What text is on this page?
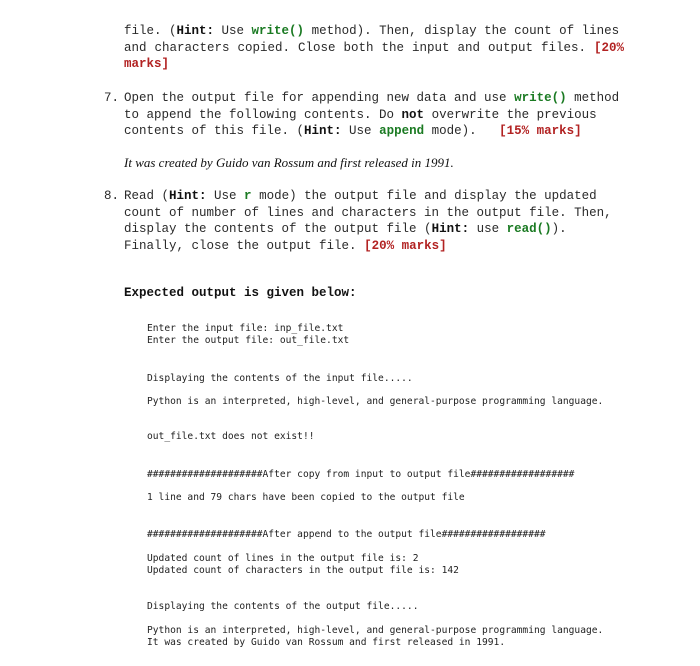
file. (Hint: Use write() method). Then, display the count of lines
and characters copied. Close both the input and output files. [20% marks]
7. Open the output file for appending new data and use write() method
to append the following contents. Do not overwrite the previous
contents of this file. (Hint: Use append mode). [15% marks]
It was created by Guido van Rossum and first released in 1991.
8. Read (Hint: Use r mode) the output file and display the updated
count of number of lines and characters in the output file. Then,
display the contents of the output file (Hint: use read()).
Finally, close the output file. [20% marks]
Expected output is given below:
Enter the input file: inp_file.txt
Enter the output file: out_file.txt
Displaying the contents of the input file.....
Python is an interpreted, high-level, and general-purpose programming language.
out_file.txt does not exist!!
####################After copy from input to output file##################
1 line and 79 chars have been copied to the output file
####################After append to the output file##################
Updated count of lines in the output file is: 2
Updated count of characters in the output file is: 142
Displaying the contents of the output file.....
Python is an interpreted, high-level, and general-purpose programming language.
It was created by Guido van Rossum and first released in 1991.
